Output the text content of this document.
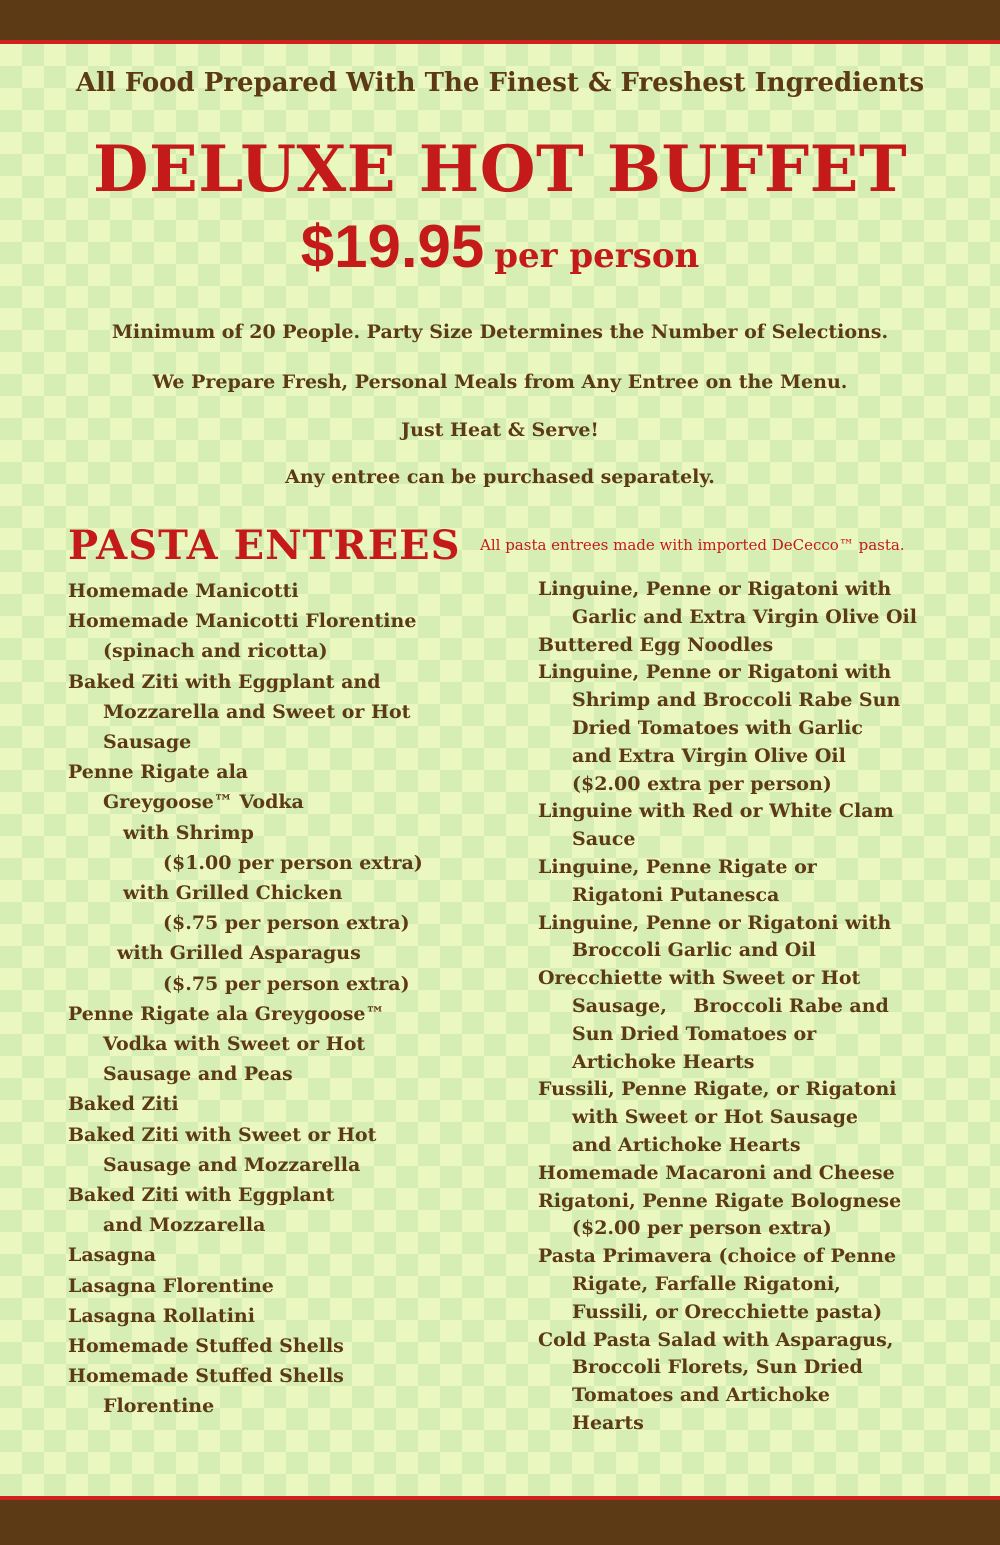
All Food Prepared With The Finest & Freshest Ingredients
DELUXE HOT BUFFET
$19.95 per person
Minimum of 20 People. Party Size Determines the Number of Selections.
We Prepare Fresh, Personal Meals from Any Entree on the Menu.
Just Heat & Serve!
Any entree can be purchased separately.
PASTA ENTREES All pasta entrees made with imported DeCecco™ pasta.
Homemade Manicotti
Homemade Manicotti Florentine
(spinach and ricotta)
Baked Ziti with Eggplant and
Mozzarella and Sweet or Hot
Sausage
Penne Rigate ala
Greygoose™ Vodka
with Shrimp
($1.00 per person extra)
with Grilled Chicken
($.75 per person extra)
with Grilled Asparagus
($.75 per person extra)
Penne Rigate ala Greygoose™
Vodka with Sweet or Hot
Sausage and Peas
Baked Ziti
Baked Ziti with Sweet or Hot
Sausage and Mozzarella
Baked Ziti with Eggplant
and Mozzarella
Lasagna
Lasagna Florentine
Lasagna Rollatini
Homemade Stuffed Shells
Homemade Stuffed Shells
Florentine
Linguine, Penne or Rigatoni with
Garlic and Extra Virgin Olive Oil
Buttered Egg Noodles
Linguine, Penne or Rigatoni with
Shrimp and Broccoli Rabe Sun
Dried Tomatoes with Garlic
and Extra Virgin Olive Oil
($2.00 extra per person)
Linguine with Red or White Clam
Sauce
Linguine, Penne Rigate or
Rigatoni Putanesca
Linguine, Penne or Rigatoni with
Broccoli Garlic and Oil
Orecchiette with Sweet or Hot
Sausage,    Broccoli Rabe and
Sun Dried Tomatoes or
Artichoke Hearts
Fussili, Penne Rigate, or Rigatoni
with Sweet or Hot Sausage
and Artichoke Hearts
Homemade Macaroni and Cheese
Rigatoni, Penne Rigate Bolognese
($2.00 per person extra)
Pasta Primavera (choice of Penne
Rigate, Farfalle Rigatoni,
Fussili, or Orecchiette pasta)
Cold Pasta Salad with Asparagus,
Broccoli Florets, Sun Dried
Tomatoes and Artichoke
Hearts
